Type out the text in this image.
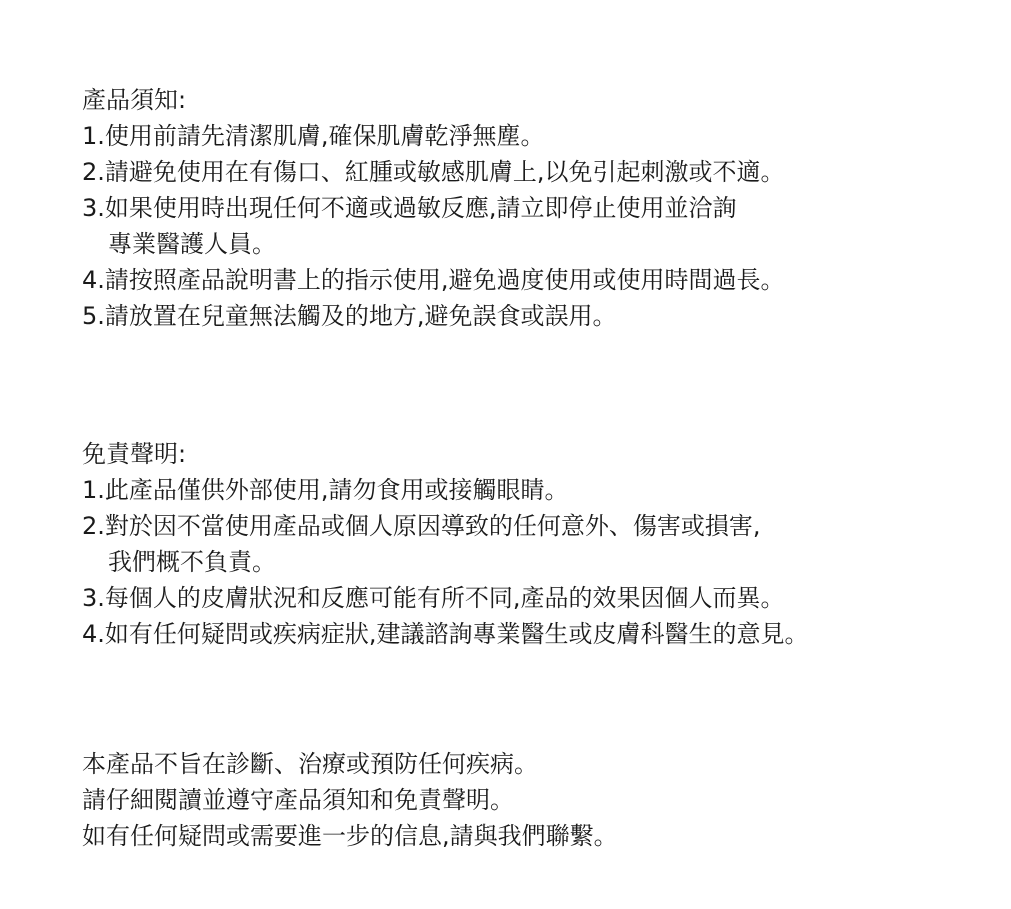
產品須知:
1.使用前請先清潔肌膚,確保肌膚乾淨無塵。
2.請避免使用在有傷口、紅腫或敏感肌膚上,以免引起刺激或不適。
3.如果使用時出現任何不適或過敏反應,請立即停止使用並洽詢
專業醫護人員。
4.請按照產品說明書上的指示使用,避免過度使用或使用時間過長。
5.請放置在兒童無法觸及的地方,避免誤食或誤用。
免責聲明:
1.此產品僅供外部使用,請勿食用或接觸眼睛。
2.對於因不當使用產品或個人原因導致的任何意外、傷害或損害,
我們概不負責。
3.每個人的皮膚狀況和反應可能有所不同,產品的效果因個人而異。
4.如有任何疑問或疾病症狀,建議諮詢專業醫生或皮膚科醫生的意見。
本產品不旨在診斷、治療或預防任何疾病。
請仔細閱讀並遵守產品須知和免責聲明。
如有任何疑問或需要進一步的信息,請與我們聯繫。
